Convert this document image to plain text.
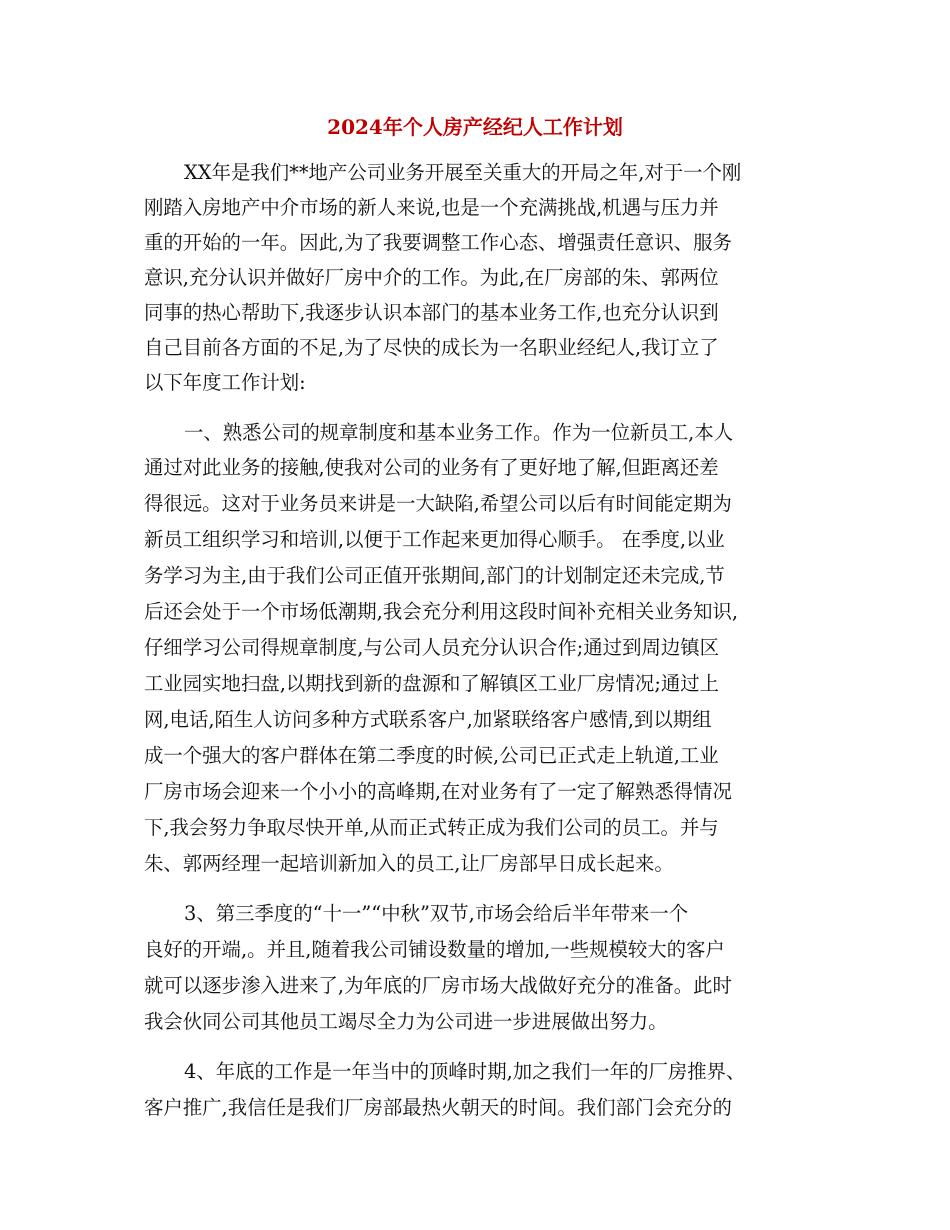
2024年个人房产经纪人工作计划
XX年是我们**地产公司业务开展至关重大的开局之年,对于一个刚
刚踏入房地产中介市场的新人来说,也是一个充满挑战,机遇与压力并
重的开始的一年。因此,为了我要调整工作心态、增强责任意识、服务
意识,充分认识并做好厂房中介的工作。为此,在厂房部的朱、郭两位
同事的热心帮助下,我逐步认识本部门的基本业务工作,也充分认识到
自己目前各方面的不足,为了尽快的成长为一名职业经纪人,我订立了
以下年度工作计划:
一、熟悉公司的规章制度和基本业务工作。作为一位新员工,本人
通过对此业务的接触,使我对公司的业务有了更好地了解,但距离还差
得很远。这对于业务员来讲是一大缺陷,希望公司以后有时间能定期为
新员工组织学习和培训,以便于工作起来更加得心顺手。 在季度,以业
务学习为主,由于我们公司正值开张期间,部门的计划制定还未完成,节
后还会处于一个市场低潮期,我会充分利用这段时间补充相关业务知识,
仔细学习公司得规章制度,与公司人员充分认识合作;通过到周边镇区
工业园实地扫盘,以期找到新的盘源和了解镇区工业厂房情况;通过上
网,电话,陌生人访问多种方式联系客户,加紧联络客户感情,到以期组
成一个强大的客户群体在第二季度的时候,公司已正式走上轨道,工业
厂房市场会迎来一个小小的高峰期,在对业务有了一定了解熟悉得情况
下,我会努力争取尽快开单,从而正式转正成为我们公司的员工。并与
朱、郭两经理一起培训新加入的员工,让厂房部早日成长起来。
3、第三季度的“十一”“中秋”双节,市场会给后半年带来一个
良好的开端,。并且,随着我公司铺设数量的增加,一些规模较大的客户
就可以逐步渗入进来了,为年底的厂房市场大战做好充分的准备。此时
我会伙同公司其他员工竭尽全力为公司进一步进展做出努力。
4、年底的工作是一年当中的顶峰时期,加之我们一年的厂房推界、
客户推广,我信任是我们厂房部最热火朝天的时间。我们部门会充分的
